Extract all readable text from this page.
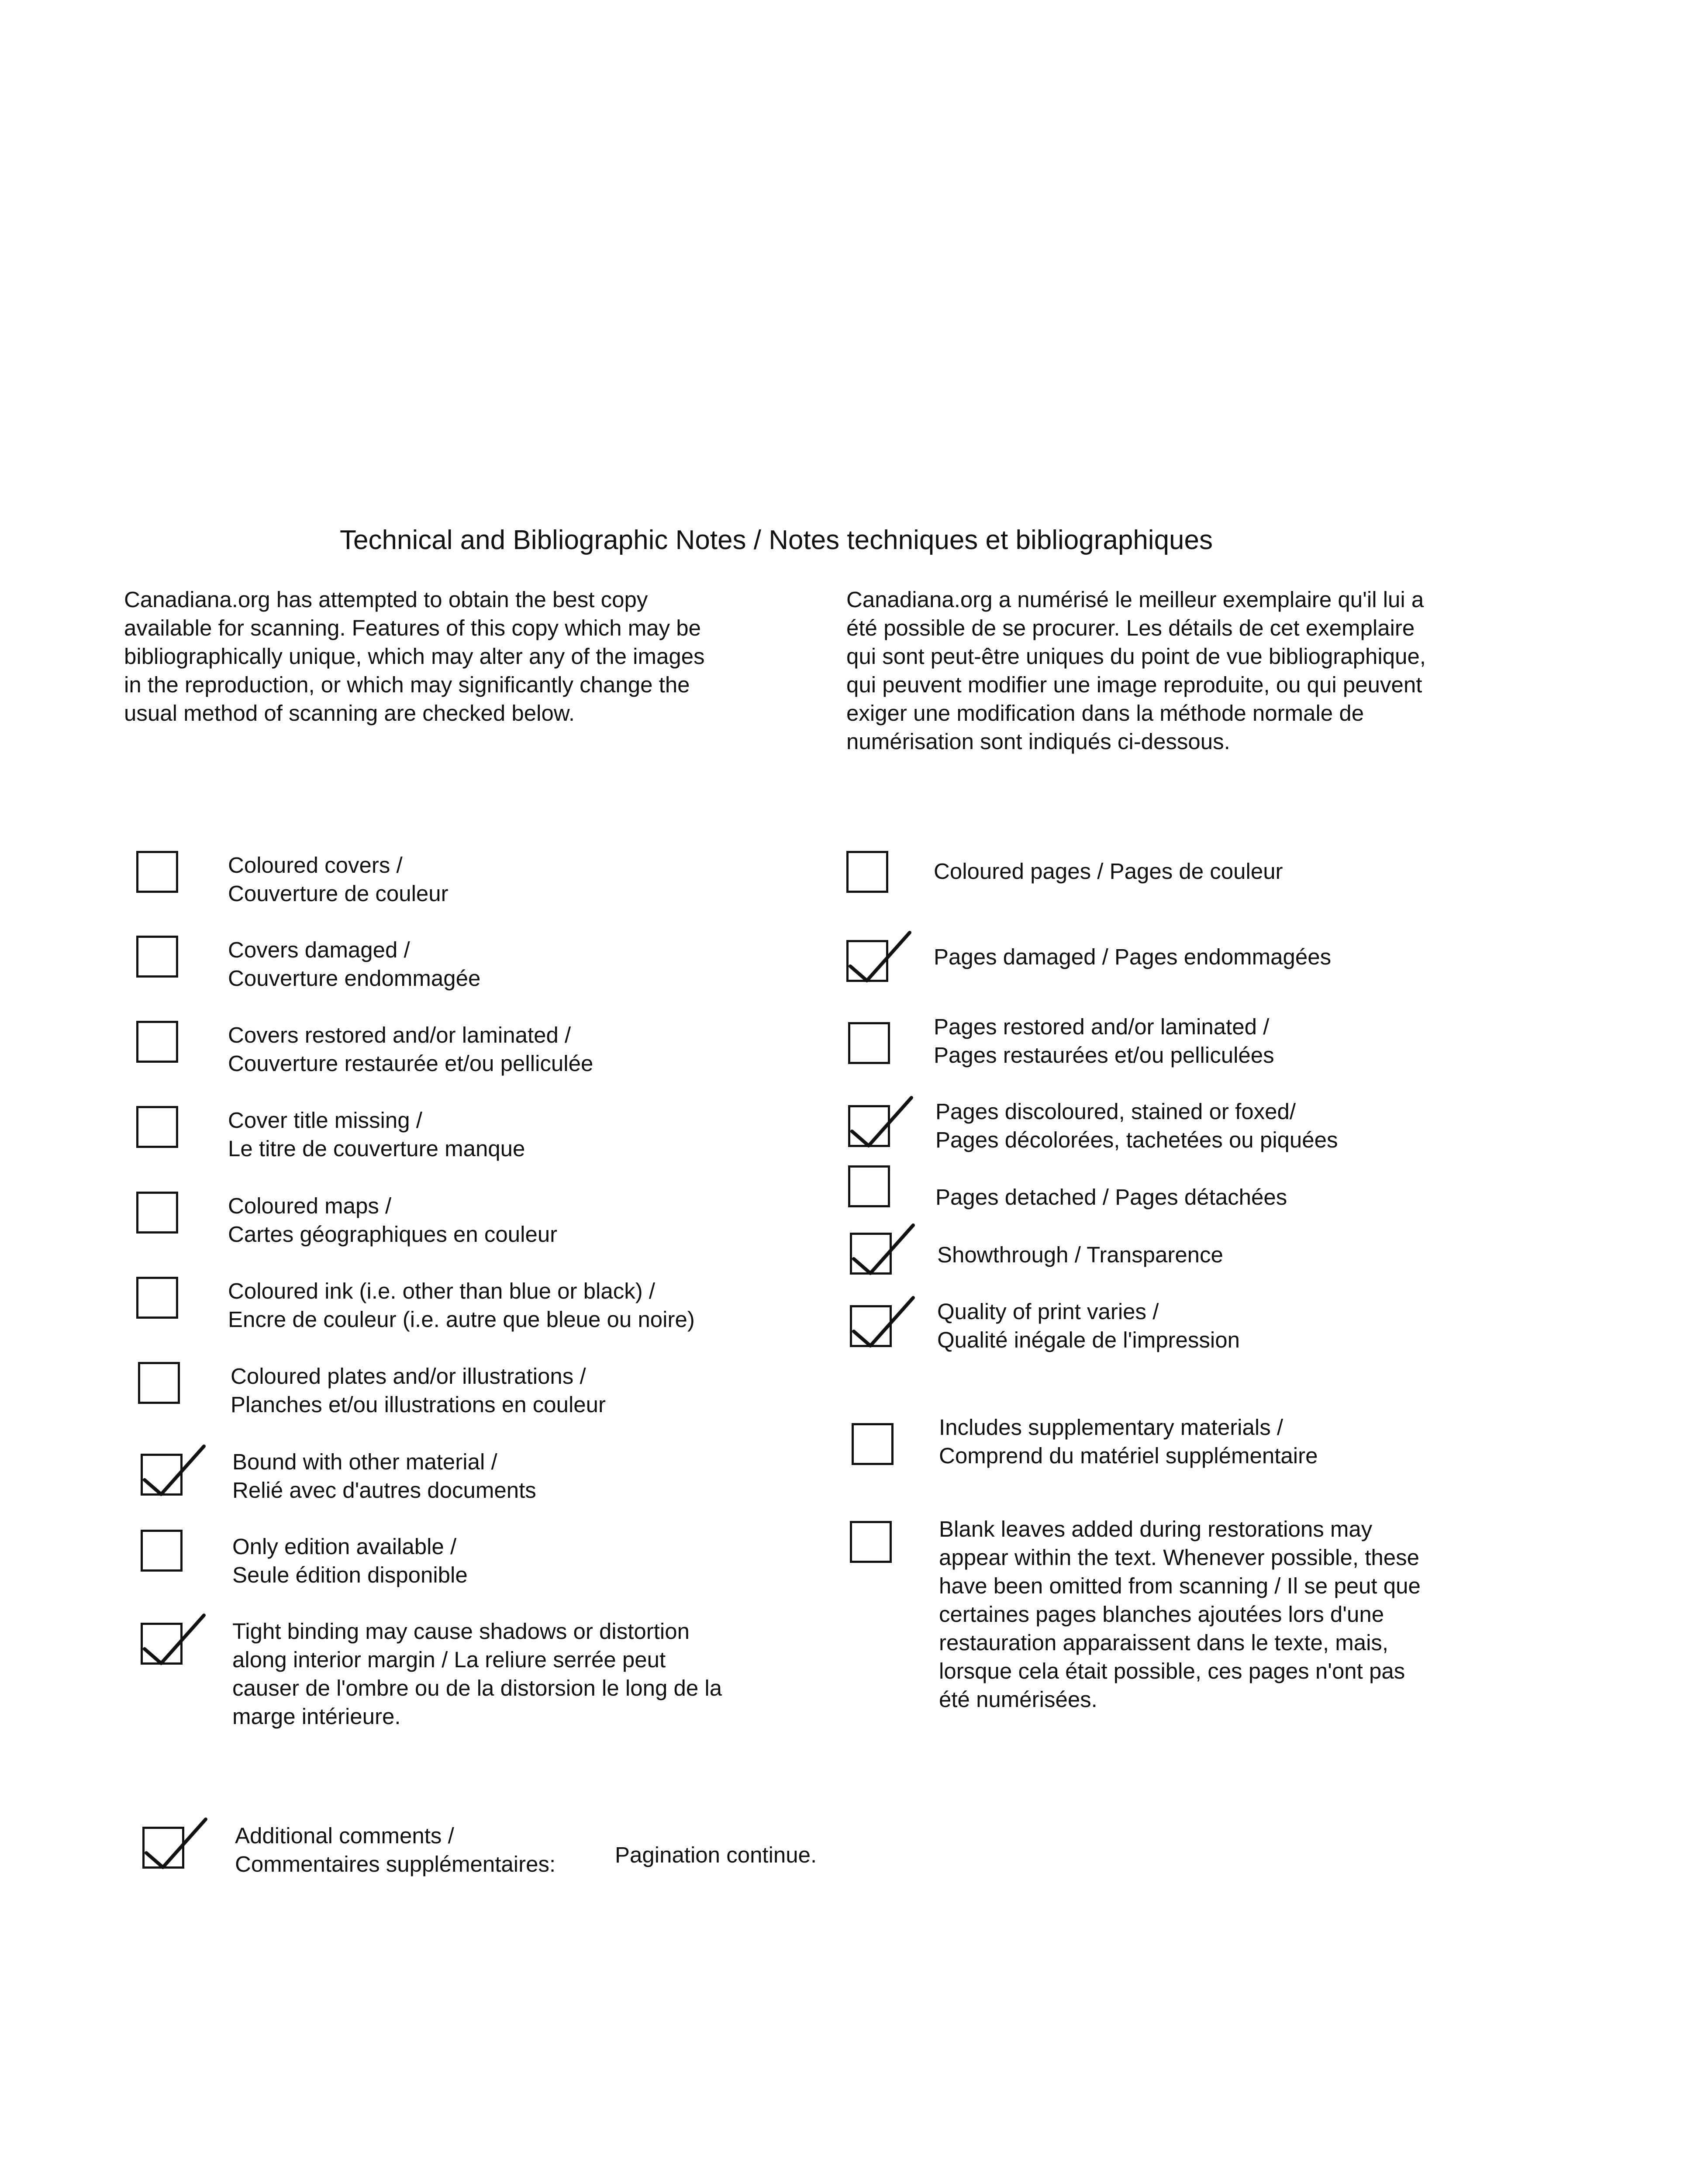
Technical and Bibliographic Notes / Notes techniques et bibliographiques
Canadiana.org has attempted to obtain the best copy
available for scanning. Features of this copy which may be
bibliographically unique, which may alter any of the images
in the reproduction, or which may significantly change the
usual method of scanning are checked below.
Canadiana.org a numérisé le meilleur exemplaire qu'il lui a
été possible de se procurer. Les détails de cet exemplaire
qui sont peut-être uniques du point de vue bibliographique,
qui peuvent modifier une image reproduite, ou qui peuvent
exiger une modification dans la méthode normale de
numérisation sont indiqués ci-dessous.
Coloured covers /
Couverture de couleur
Covers damaged /
Couverture endommagée
Covers restored and/or laminated /
Couverture restaurée et/ou pelliculée
Cover title missing /
Le titre de couverture manque
Coloured maps /
Cartes géographiques en couleur
Coloured ink (i.e. other than blue or black) /
Encre de couleur (i.e. autre que bleue ou noire)
Coloured plates and/or illustrations /
Planches et/ou illustrations en couleur
Bound with other material /
Relié avec d'autres documents
Only edition available /
Seule édition disponible
Tight binding may cause shadows or distortion
along interior margin / La reliure serrée peut
causer de l'ombre ou de la distorsion le long de la
marge intérieure.
Coloured pages / Pages de couleur
Pages damaged / Pages endommagées
Pages restored and/or laminated /
Pages restaurées et/ou pelliculées
Pages discoloured, stained or foxed/
Pages décolorées, tachetées ou piquées
Pages detached / Pages détachées
Showthrough / Transparence
Quality of print varies /
Qualité inégale de l'impression
Includes supplementary materials /
Comprend du matériel supplémentaire
Blank leaves added during restorations may
appear within the text. Whenever possible, these
have been omitted from scanning / Il se peut que
certaines pages blanches ajoutées lors d'une
restauration apparaissent dans le texte, mais,
lorsque cela était possible, ces pages n'ont pas
été numérisées.
Additional comments /
Commentaires supplémentaires:	Pagination continue.
